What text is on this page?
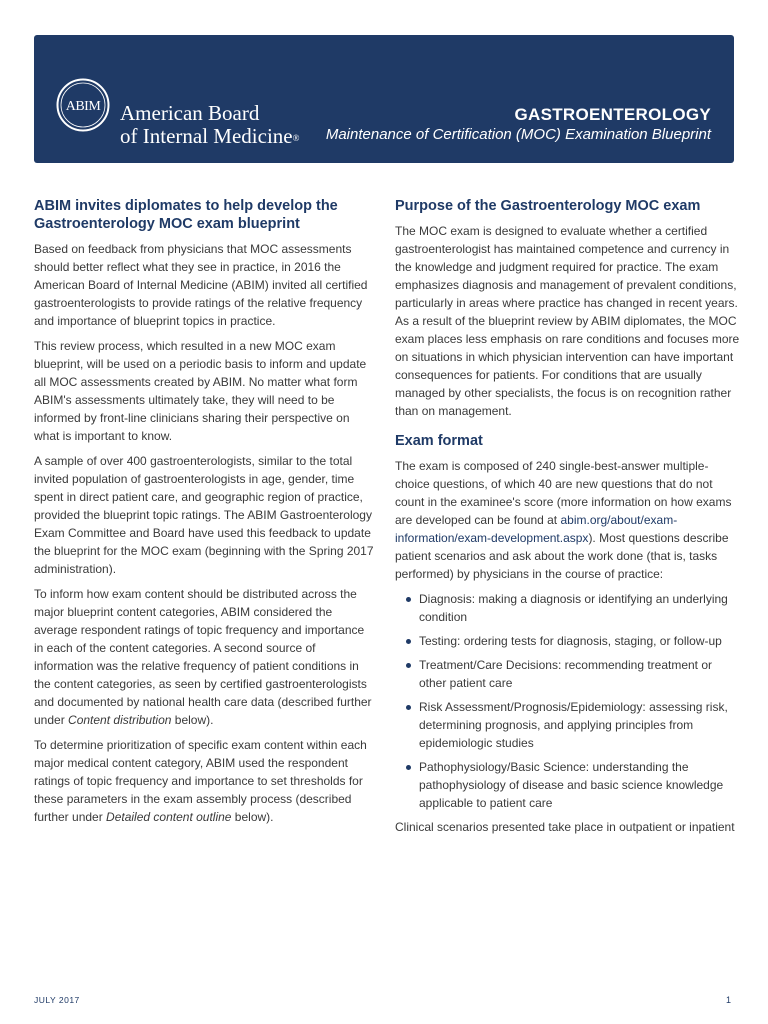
ABIM American Board
of Internal Medicine®
GASTROENTEROLOGY
Maintenance of Certification (MOC) Examination Blueprint
ABIM invites diplomates to help develop the Gastroenterology MOC exam blueprint

Based on feedback from physicians that MOC assessments should better reflect what they see in practice, in 2016 the American Board of Internal Medicine (ABIM) invited all certified gastroenterologists to provide ratings of the relative frequency and importance of blueprint topics in practice.

This review process, which resulted in a new MOC exam blueprint, will be used on a periodic basis to inform and update all MOC assessments created by ABIM. No matter what form ABIM's assessments ultimately take, they will need to be informed by front-line clinicians sharing their perspective on what is important to know.

A sample of over 400 gastroenterologists, similar to the total invited population of gastroenterologists in age, gender, time spent in direct patient care, and geographic region of practice, provided the blueprint topic ratings. The ABIM Gastroenterology Exam Committee and Board have used this feedback to update the blueprint for the MOC exam (beginning with the Spring 2017 administration).

To inform how exam content should be distributed across the major blueprint content categories, ABIM considered the average respondent ratings of topic frequency and importance in each of the content categories. A second source of information was the relative frequency of patient conditions in the content categories, as seen by certified gastroenterologists and documented by national health care data (described further under Content distribution below).

To determine prioritization of specific exam content within each major medical content category, ABIM used the respondent ratings of topic frequency and importance to set thresholds for these parameters in the exam assembly process (described further under Detailed content outline below).

Purpose of the Gastroenterology MOC exam

The MOC exam is designed to evaluate whether a certified gastroenterologist has maintained competence and currency in the knowledge and judgment required for practice. The exam emphasizes diagnosis and management of prevalent conditions, particularly in areas where practice has changed in recent years. As a result of the blueprint review by ABIM diplomates, the MOC exam places less emphasis on rare conditions and focuses more on situations in which physician intervention can have important consequences for patients. For conditions that are usually managed by other specialists, the focus is on recognition rather than on management.

Exam format

The exam is composed of 240 single-best-answer multiple-choice questions, of which 40 are new questions that do not count in the examinee's score (more information on how exams are developed can be found at abim.org/about/exam-information/exam-development.aspx). Most questions describe patient scenarios and ask about the work done (that is, tasks performed) by physicians in the course of practice:

Diagnosis: making a diagnosis or identifying an underlying condition
Testing: ordering tests for diagnosis, staging, or follow-up
Treatment/Care Decisions: recommending treatment or other patient care
Risk Assessment/Prognosis/Epidemiology: assessing risk, determining prognosis, and applying principles from epidemiologic studies
Pathophysiology/Basic Science: understanding the pathophysiology of disease and basic science knowledge applicable to patient care

Clinical scenarios presented take place in outpatient or inpatient

JULY 2017	1
